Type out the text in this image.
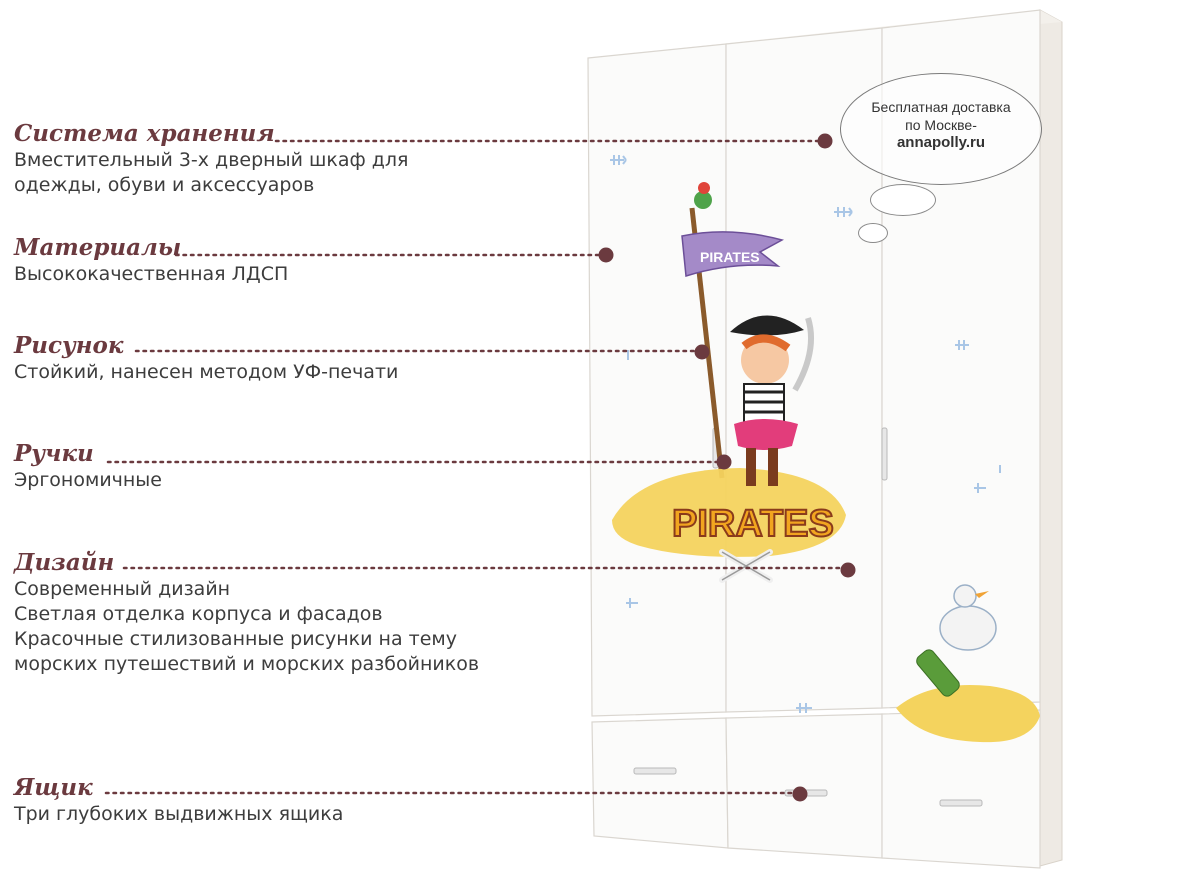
PIRATES
PIRATES
Бесплатная доставка
по Москве-
annapolly.ru
Система хранения
Вместительный 3-х дверный шкаф для
одежды, обуви и аксессуаров
Материалы
Высококачественная ЛДСП
Рисунок
Стойкий, нанесен методом УФ-печати
Ручки
Эргономичные
Дизайн
Современный дизайн
Светлая отделка корпуса и фасадов
Красочные стилизованные рисунки на тему
морских путешествий и морских разбойников
Ящик
Три глубоких выдвижных ящика
